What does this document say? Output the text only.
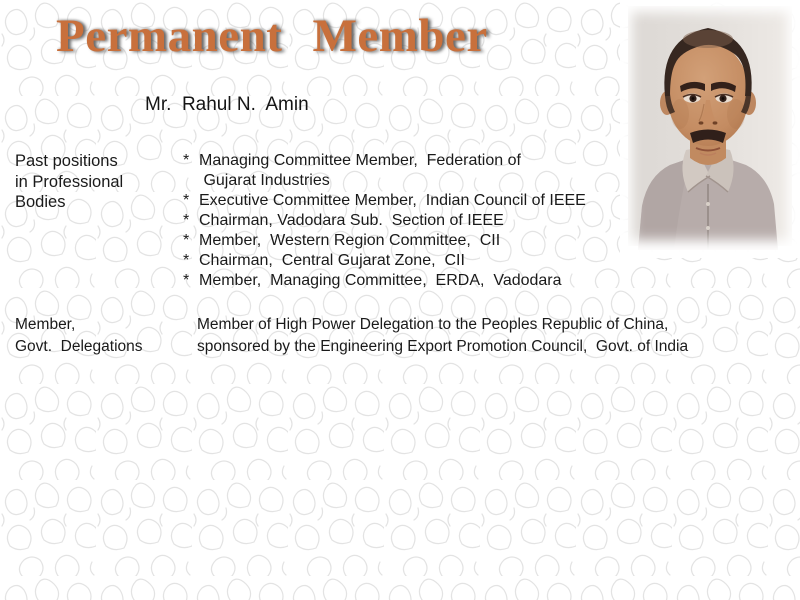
Permanent Member
Mr.  Rahul N.  Amin
Past positions
in Professional
Bodies
* Managing Committee Member,  Federation of
Gujarat Industries
* Executive Committee Member,  Indian Council of IEEE
* Chairman, Vadodara Sub.  Section of IEEE
* Member,  Western Region Committee,  CII
* Chairman,  Central Gujarat Zone,  CII
* Member,  Managing Committee,  ERDA,  Vadodara
Member,
Govt.  Delegations
Member of High Power Delegation to the Peoples Republic of China,
sponsored by the Engineering Export Promotion Council,  Govt. of India
